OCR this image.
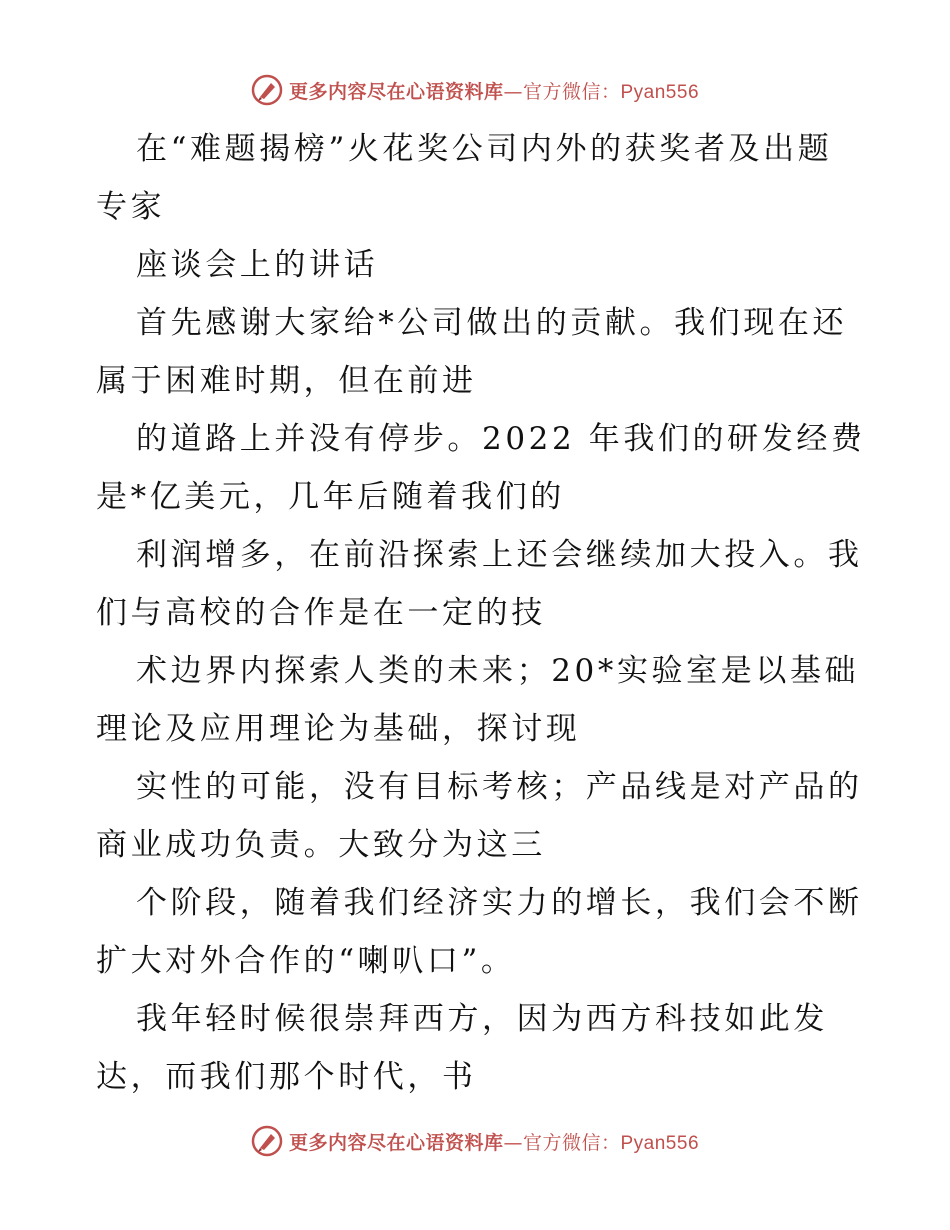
更多内容尽在心语资料库—官方微信：Pyan556
在“难题揭榜”火花奖公司内外的获奖者及出题
专家
座谈会上的讲话
首先感谢大家给*公司做出的贡献。我们现在还
属于困难时期，但在前进
的道路上并没有停步。2022 年我们的研发经费
是*亿美元，几年后随着我们的
利润增多，在前沿探索上还会继续加大投入。我
们与高校的合作是在一定的技
术边界内探索人类的未来；20*实验室是以基础
理论及应用理论为基础，探讨现
实性的可能，没有目标考核；产品线是对产品的
商业成功负责。大致分为这三
个阶段，随着我们经济实力的增长，我们会不断
扩大对外合作的“喇叭口”。
我年轻时候很崇拜西方，因为西方科技如此发
达，而我们那个时代，书
更多内容尽在心语资料库—官方微信：Pyan556
